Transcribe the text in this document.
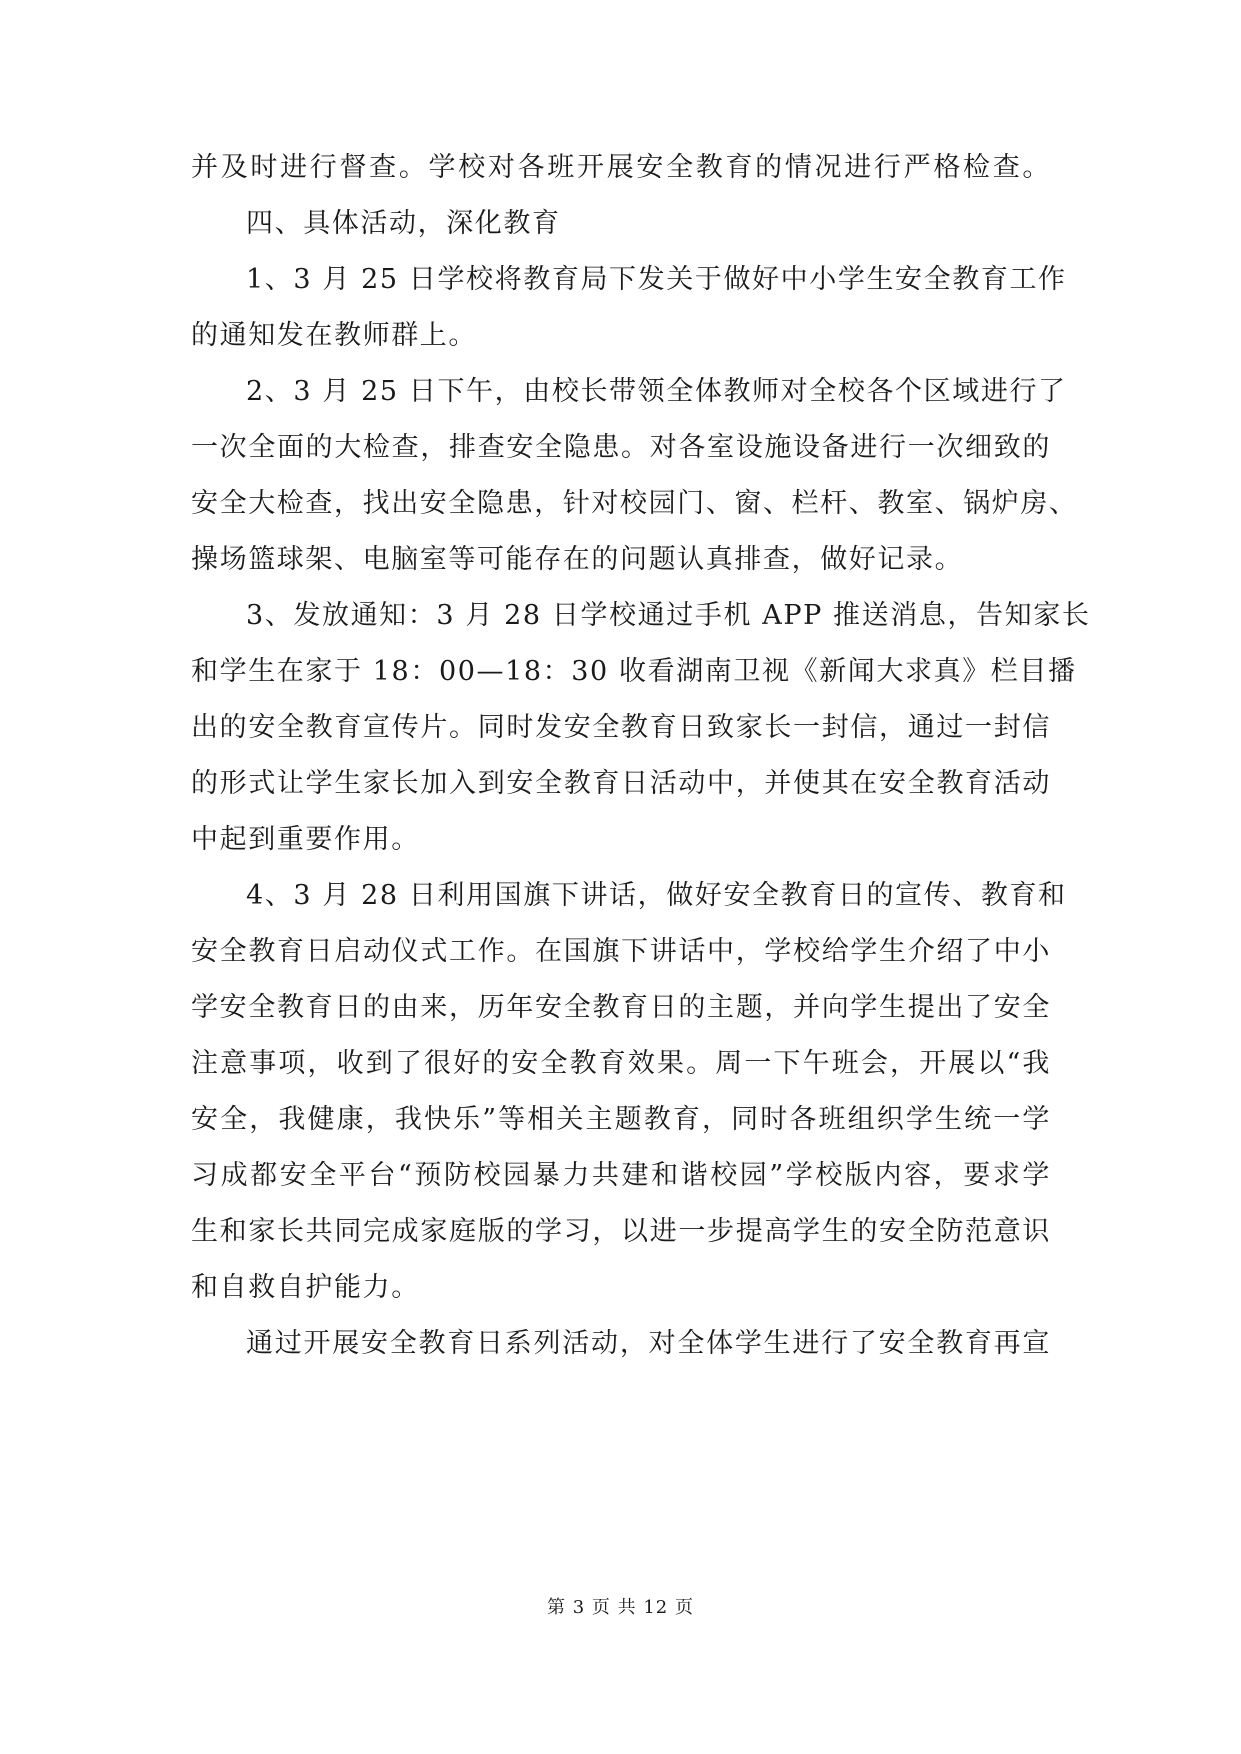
并及时进行督查。学校对各班开展安全教育的情况进行严格检查。
四、具体活动，深化教育
1、3 月 25 日学校将教育局下发关于做好中小学生安全教育工作
的通知发在教师群上。
2、3 月 25 日下午，由校长带领全体教师对全校各个区域进行了
一次全面的大检查，排查安全隐患。对各室设施设备进行一次细致的
安全大检查，找出安全隐患，针对校园门、窗、栏杆、教室、锅炉房、
操场篮球架、电脑室等可能存在的问题认真排查，做好记录。
3、发放通知：3 月 28 日学校通过手机 APP 推送消息，告知家长
和学生在家于 18：00—18：30 收看湖南卫视《新闻大求真》栏目播
出的安全教育宣传片。同时发安全教育日致家长一封信，通过一封信
的形式让学生家长加入到安全教育日活动中，并使其在安全教育活动
中起到重要作用。
4、3 月 28 日利用国旗下讲话，做好安全教育日的宣传、教育和
安全教育日启动仪式工作。在国旗下讲话中，学校给学生介绍了中小
学安全教育日的由来，历年安全教育日的主题，并向学生提出了安全
注意事项，收到了很好的安全教育效果。周一下午班会，开展以“我
安全，我健康，我快乐”等相关主题教育，同时各班组织学生统一学
习成都安全平台“预防校园暴力共建和谐校园”学校版内容，要求学
生和家长共同完成家庭版的学习，以进一步提高学生的安全防范意识
和自救自护能力。
通过开展安全教育日系列活动，对全体学生进行了安全教育再宣
第 3 页 共 12 页
